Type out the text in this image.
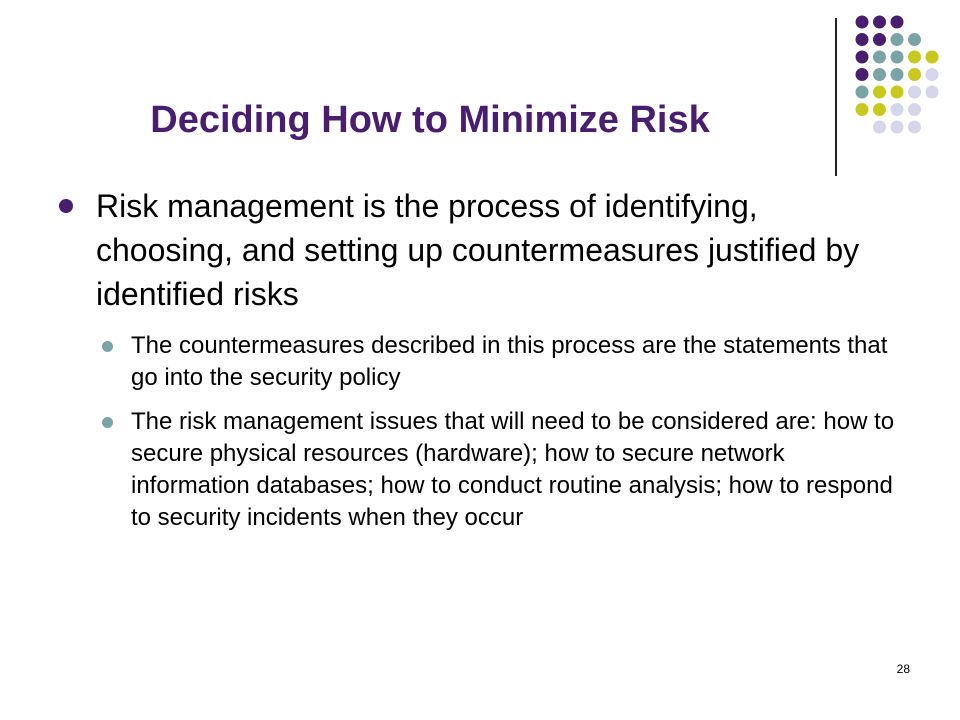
Deciding How to Minimize Risk
Risk management is the process of identifying, choosing, and setting up countermeasures justified by identified risks
The countermeasures described in this process are the statements that go into the security policy
The risk management issues that will need to be considered are: how to secure physical resources (hardware); how to secure network information databases; how to conduct routine analysis; how to respond to security incidents when they occur
28
